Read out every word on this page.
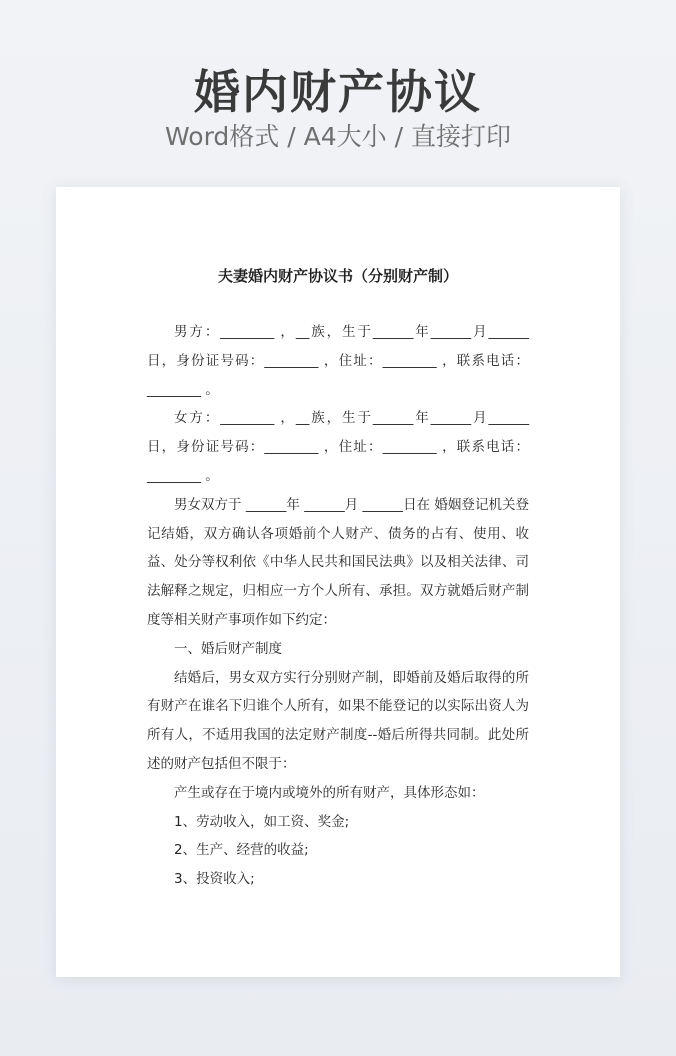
婚内财产协议
Word格式 / A4大小 / 直接打印
夫妻婚内财产协议书（分别财产制）

男方：________ ，__族，生于______年______月______日，身份证号码：________ ，住址：________ ，联系电话：________ 。

女方：________ ，__族，生于______年______月______日，身份证号码：________ ，住址：________ ，联系电话：________ 。

男女双方于 ______年 ______月 ______日在 婚姻登记机关登记结婚，双方确认各项婚前个人财产、债务的占有、使用、收益、处分等权利依《中华人民共和国民法典》以及相关法律、司法解释之规定，归相应一方个人所有、承担。双方就婚后财产制度等相关财产事项作如下约定：

一、婚后财产制度

结婚后，男女双方实行分别财产制，即婚前及婚后取得的所有财产在谁名下归谁个人所有，如果不能登记的以实际出资人为所有人，不适用我国的法定财产制度--婚后所得共同制。此处所述的财产包括但不限于：

产生或存在于境内或境外的所有财产，具体形态如：

1、劳动收入，如工资、奖金;

2、生产、经营的收益;

3、投资收入;
